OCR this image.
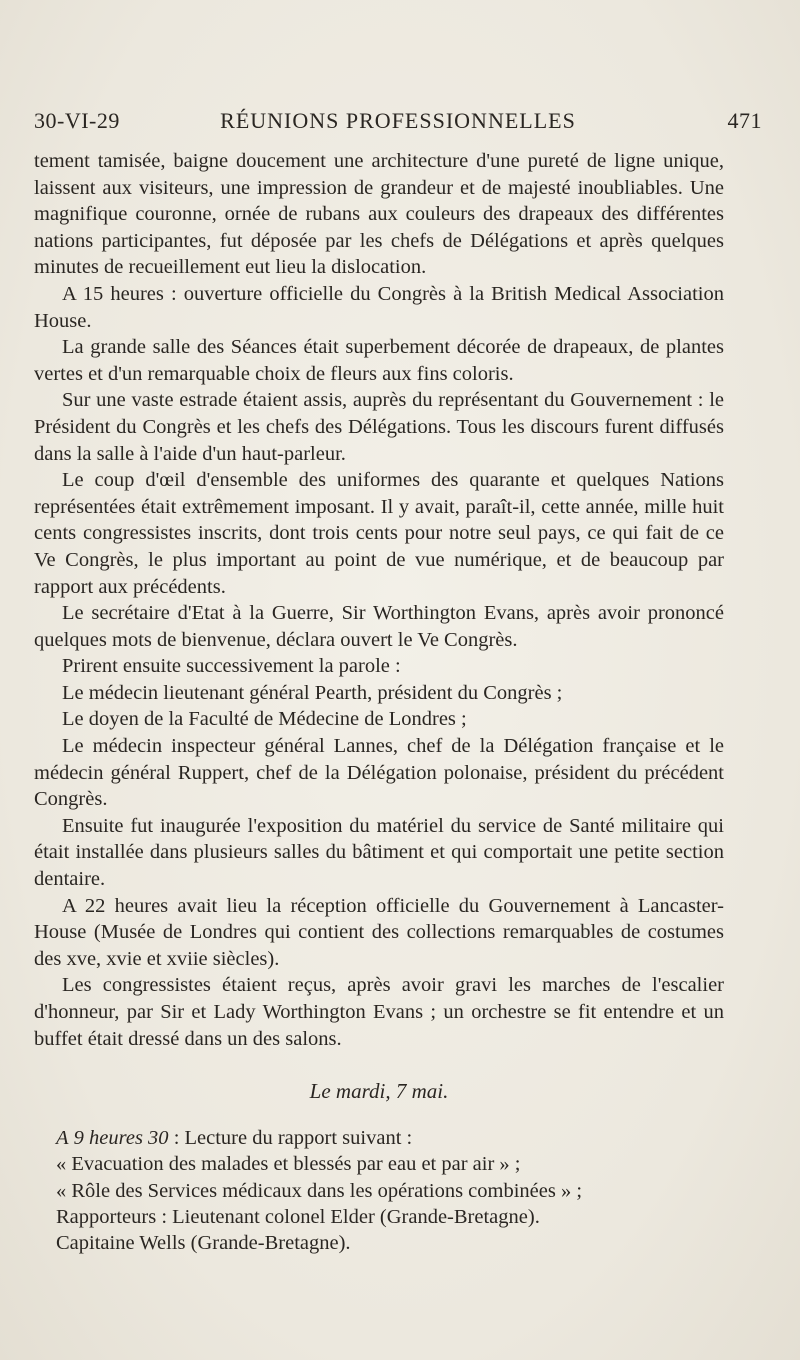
30-VI-29	RÉUNIONS PROFESSIONNELLES	471

tement tamisée, baigne doucement une architecture d'une pureté de ligne unique, laissent aux visiteurs, une impression de grandeur et de majesté inoubliables. Une magnifique couronne, ornée de rubans aux couleurs des drapeaux des différentes nations participantes, fut déposée par les chefs de Délégations et après quelques minutes de recueillement eut lieu la dislocation.

A 15 heures : ouverture officielle du Congrès à la British Medical Association House.

La grande salle des Séances était superbement décorée de drapeaux, de plantes vertes et d'un remarquable choix de fleurs aux fins coloris.

Sur une vaste estrade étaient assis, auprès du représentant du Gouvernement : le Président du Congrès et les chefs des Délégations. Tous les discours furent diffusés dans la salle à l'aide d'un haut-parleur.

Le coup d'œil d'ensemble des uniformes des quarante et quelques Nations représentées était extrêmement imposant. Il y avait, paraît-il, cette année, mille huit cents congressistes inscrits, dont trois cents pour notre seul pays, ce qui fait de ce Ve Congrès, le plus important au point de vue numérique, et de beaucoup par rapport aux précédents.

Le secrétaire d'Etat à la Guerre, Sir Worthington Evans, après avoir prononcé quelques mots de bienvenue, déclara ouvert le Ve Congrès.

Prirent ensuite successivement la parole :

Le médecin lieutenant général Pearth, président du Congrès ;

Le doyen de la Faculté de Médecine de Londres ;

Le médecin inspecteur général Lannes, chef de la Délégation française et le médecin général Ruppert, chef de la Délégation polonaise, président du précédent Congrès.

Ensuite fut inaugurée l'exposition du matériel du service de Santé militaire qui était installée dans plusieurs salles du bâtiment et qui comportait une petite section dentaire.

A 22 heures avait lieu la réception officielle du Gouvernement à Lancaster-House (Musée de Londres qui contient des collections remarquables de costumes des xve, xvie et xviie siècles).

Les congressistes étaient reçus, après avoir gravi les marches de l'escalier d'honneur, par Sir et Lady Worthington Evans ; un orchestre se fit entendre et un buffet était dressé dans un des salons.

Le mardi, 7 mai.

A 9 heures 30 : Lecture du rapport suivant :

« Evacuation des malades et blessés par eau et par air » ;

« Rôle des Services médicaux dans les opérations combinées » ;

Rapporteurs : Lieutenant colonel Elder (Grande-Bretagne).

Capitaine Wells (Grande-Bretagne).
